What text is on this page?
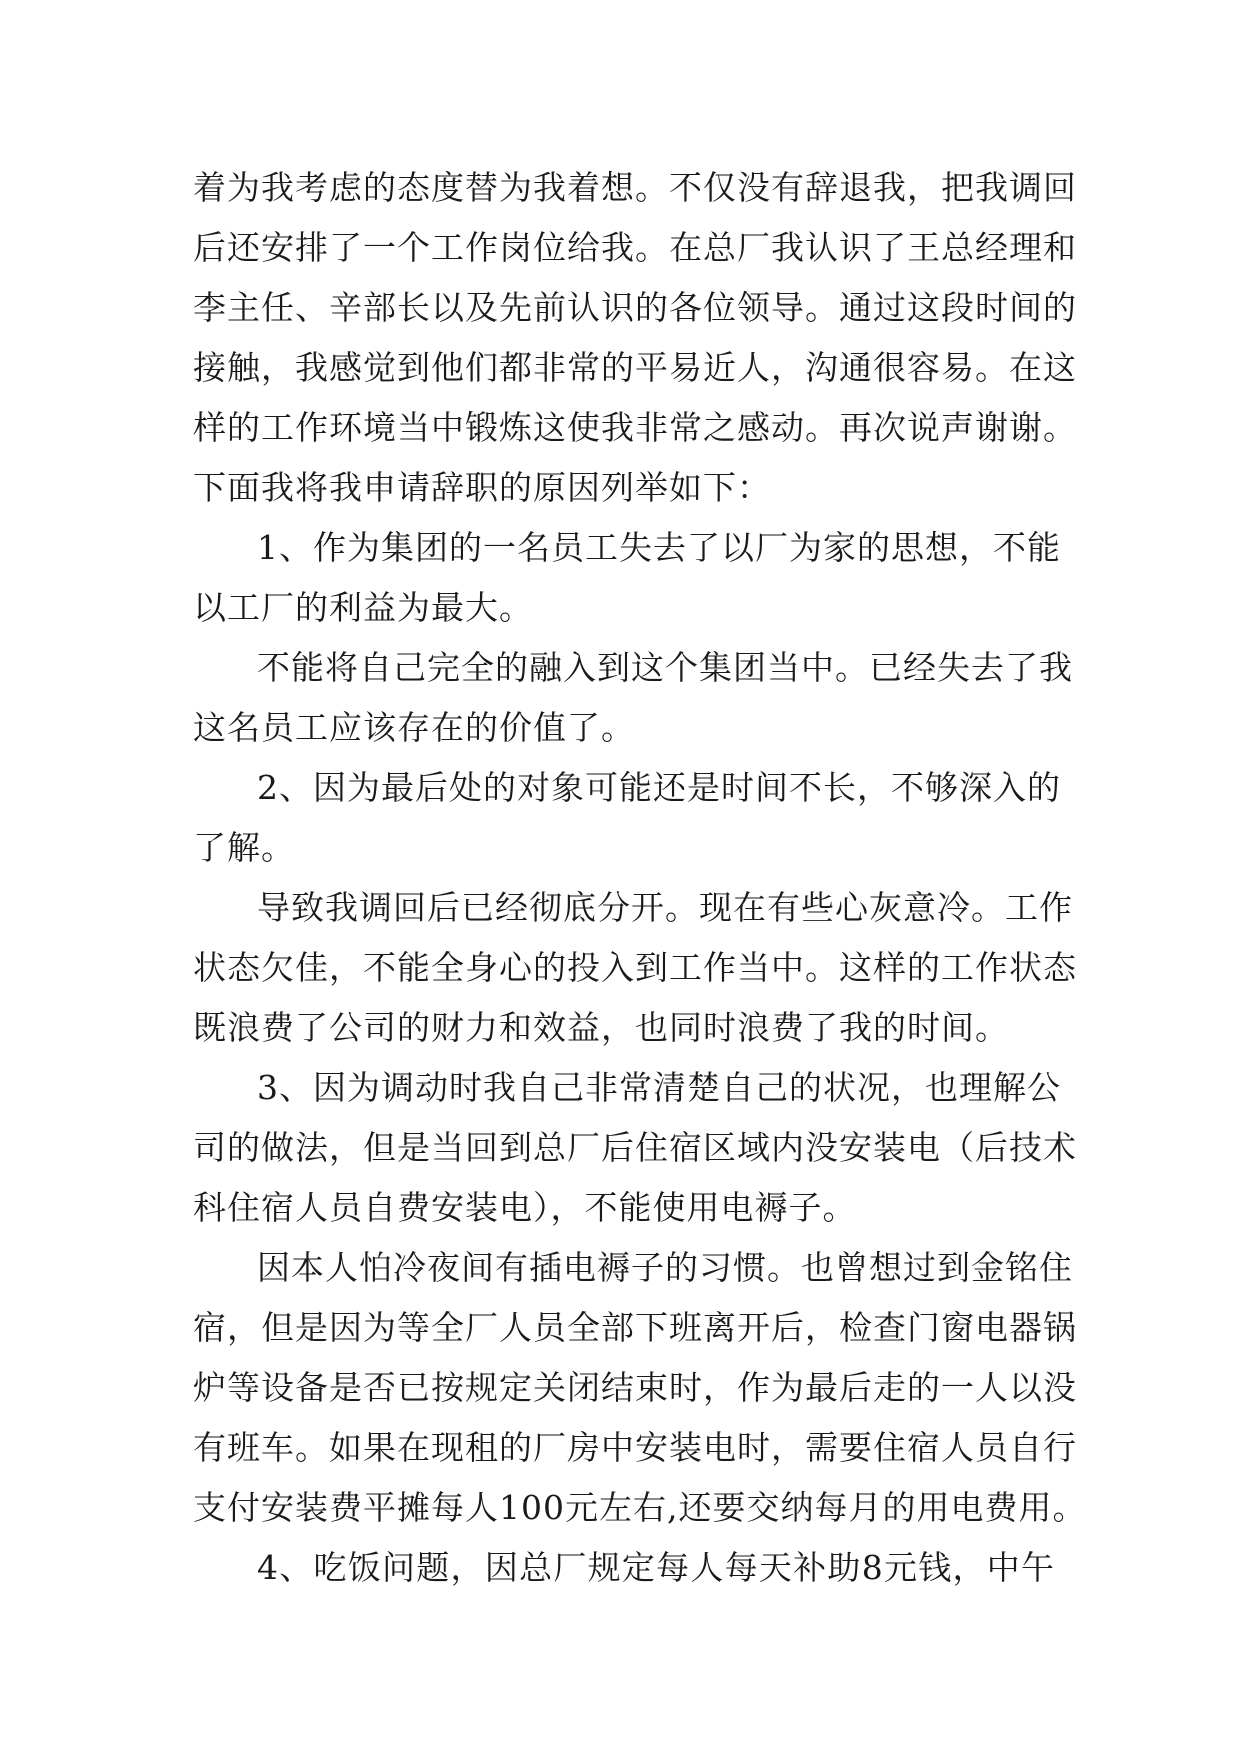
着为我考虑的态度替为我着想。不仅没有辞退我，把我调回
后还安排了一个工作岗位给我。在总厂我认识了王总经理和
李主任、辛部长以及先前认识的各位领导。通过这段时间的
接触，我感觉到他们都非常的平易近人，沟通很容易。在这
样的工作环境当中锻炼这使我非常之感动。再次说声谢谢。
下面我将我申请辞职的原因列举如下：
1、作为集团的一名员工失去了以厂为家的思想，不能
以工厂的利益为最大。
不能将自己完全的融入到这个集团当中。已经失去了我
这名员工应该存在的价值了。
2、因为最后处的对象可能还是时间不长，不够深入的
了解。
导致我调回后已经彻底分开。现在有些心灰意冷。工作
状态欠佳，不能全身心的投入到工作当中。这样的工作状态
既浪费了公司的财力和效益，也同时浪费了我的时间。
3、因为调动时我自己非常清楚自己的状况，也理解公
司的做法，但是当回到总厂后住宿区域内没安装电（后技术
科住宿人员自费安装电），不能使用电褥子。
因本人怕冷夜间有插电褥子的习惯。也曾想过到金铭住
宿，但是因为等全厂人员全部下班离开后，检查门窗电器锅
炉等设备是否已按规定关闭结束时，作为最后走的一人以没
有班车。如果在现租的厂房中安装电时，需要住宿人员自行
支付安装费平摊每人100元左右,还要交纳每月的用电费用。
4、吃饭问题，因总厂规定每人每天补助8元钱，中午
